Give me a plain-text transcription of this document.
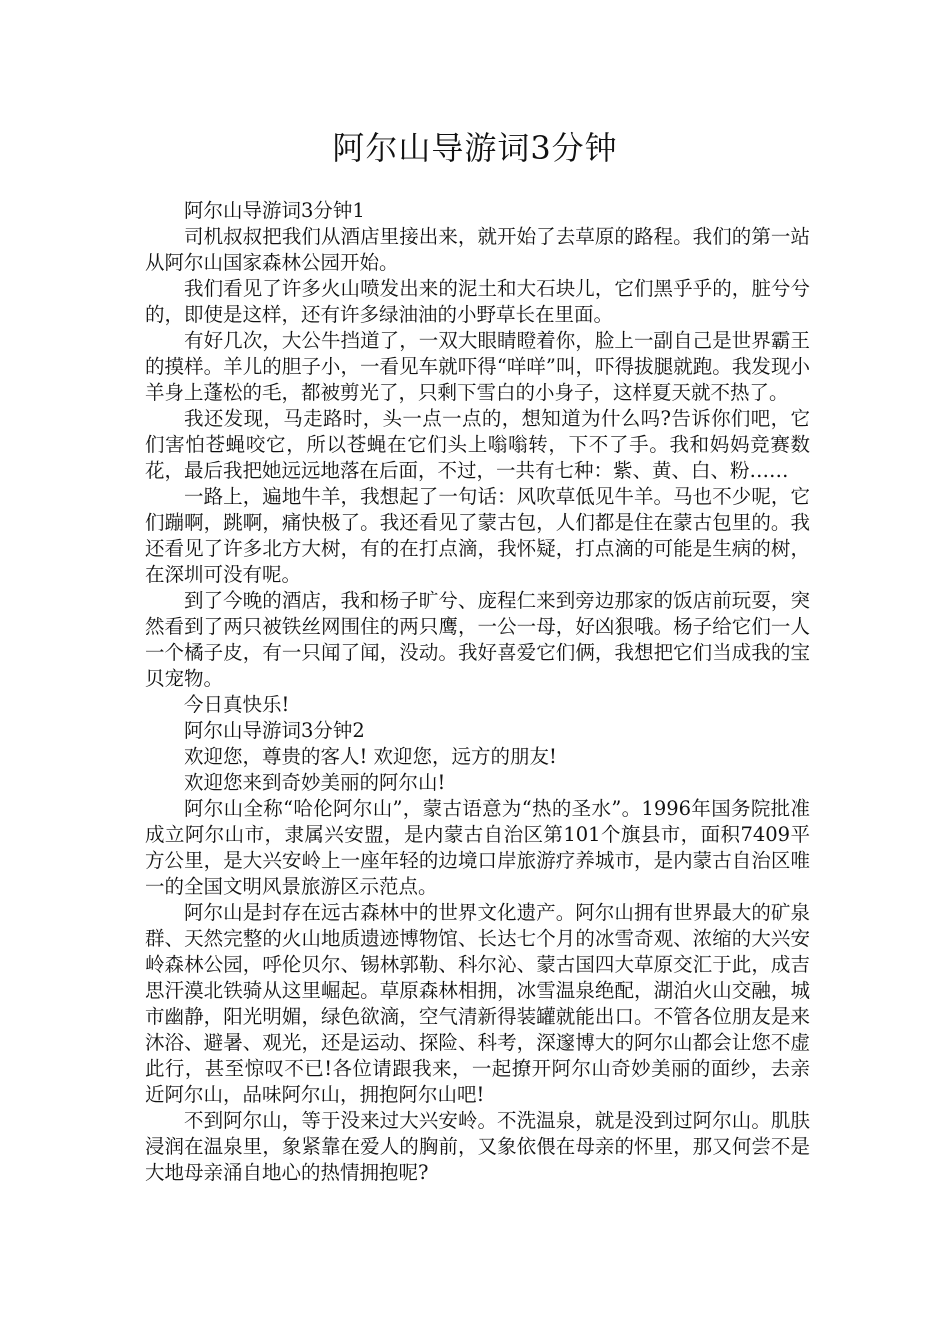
阿尔山导游词3分钟

阿尔山导游词3分钟1

司机叔叔把我们从酒店里接出来，就开始了去草原的路程。我们的第一站从阿尔山国家森林公园开始。

我们看见了许多火山喷发出来的泥土和大石块儿，它们黑乎乎的，脏兮兮的，即使是这样，还有许多绿油油的小野草长在里面。

有好几次，大公牛挡道了，一双大眼睛瞪着你，脸上一副自己是世界霸王的摸样。羊儿的胆子小，一看见车就吓得“咩咩”叫，吓得拔腿就跑。我发现小羊身上蓬松的毛，都被剪光了，只剩下雪白的小身子，这样夏天就不热了。

我还发现，马走路时，头一点一点的，想知道为什么吗?告诉你们吧，它们害怕苍蝇咬它，所以苍蝇在它们头上嗡嗡转，下不了手。我和妈妈竞赛数花，最后我把她远远地落在后面，不过，一共有七种：紫、黄、白、粉……

一路上，遍地牛羊，我想起了一句话：风吹草低见牛羊。马也不少呢，它们蹦啊，跳啊，痛快极了。我还看见了蒙古包，人们都是住在蒙古包里的。我还看见了许多北方大树，有的在打点滴，我怀疑，打点滴的可能是生病的树，在深圳可没有呢。

到了今晚的酒店，我和杨子旷兮、庞程仁来到旁边那家的饭店前玩耍，突然看到了两只被铁丝网围住的两只鹰，一公一母，好凶狠哦。杨子给它们一人一个橘子皮，有一只闻了闻，没动。我好喜爱它们俩，我想把它们当成我的宝贝宠物。

今日真快乐!

阿尔山导游词3分钟2

欢迎您，尊贵的客人! 欢迎您，远方的朋友!

欢迎您来到奇妙美丽的阿尔山!

阿尔山全称“哈伦阿尔山”，蒙古语意为“热的圣水”。1996年国务院批准成立阿尔山市，隶属兴安盟，是内蒙古自治区第101个旗县市，面积7409平方公里，是大兴安岭上一座年轻的边境口岸旅游疗养城市，是内蒙古自治区唯一的全国文明风景旅游区示范点。

阿尔山是封存在远古森林中的世界文化遗产。阿尔山拥有世界最大的矿泉群、天然完整的火山地质遗迹博物馆、长达七个月的冰雪奇观、浓缩的大兴安岭森林公园，呼伦贝尔、锡林郭勒、科尔沁、蒙古国四大草原交汇于此，成吉思汗漠北铁骑从这里崛起。草原森林相拥，冰雪温泉绝配，湖泊火山交融，城市幽静，阳光明媚，绿色欲滴，空气清新得装罐就能出口。不管各位朋友是来沐浴、避暑、观光，还是运动、探险、科考，深邃博大的阿尔山都会让您不虚此行，甚至惊叹不已!各位请跟我来，一起撩开阿尔山奇妙美丽的面纱，去亲近阿尔山，品味阿尔山，拥抱阿尔山吧!

不到阿尔山，等于没来过大兴安岭。不洗温泉，就是没到过阿尔山。肌肤浸润在温泉里，象紧靠在爱人的胸前，又象依偎在母亲的怀里，那又何尝不是大地母亲涌自地心的热情拥抱呢?
